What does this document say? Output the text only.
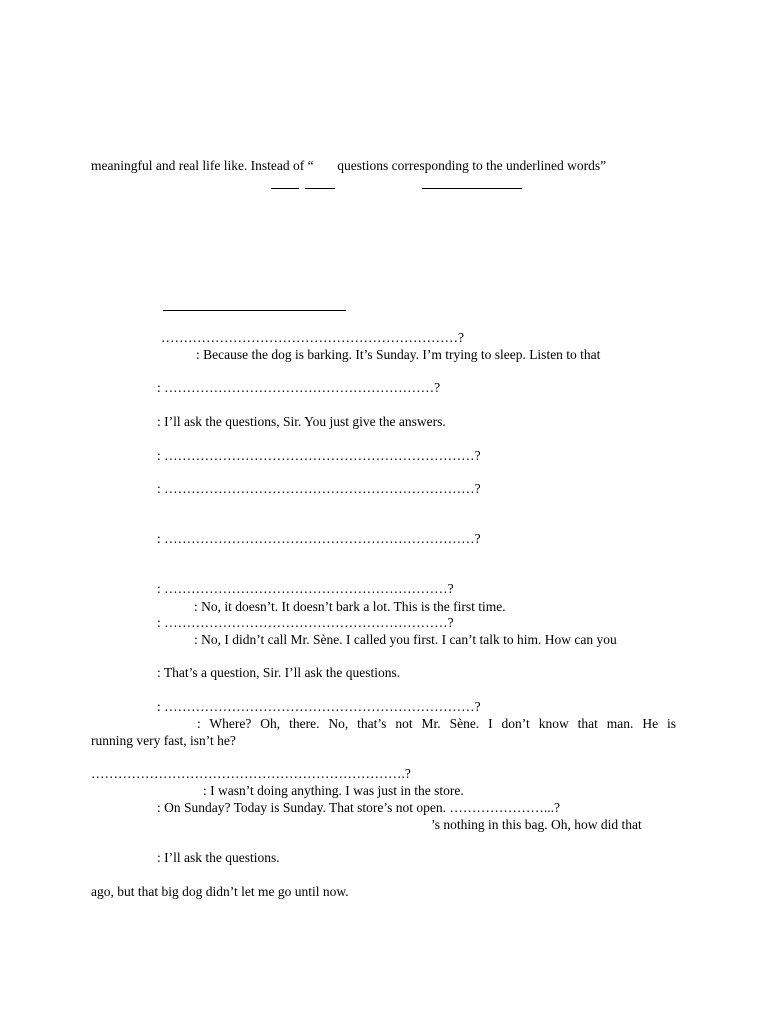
meaningful and real life like. Instead of “       questions corresponding to the underlined words”
…………………………………………………………?
: Because the dog is barking. It’s Sunday. I’m trying to sleep. Listen to that
: ……………………………………………………?
: I’ll ask the questions, Sir. You just give the answers.
: ……………………………………………………………?
: ……………………………………………………………?
: ……………………………………………………………?
: ………………………………………………………?
: No, it doesn’t. It doesn’t bark a lot. This is the first time.
: ………………………………………………………?
: No, I didn’t call Mr. Sène. I called you first. I can’t talk to him. How can you
: That’s a question, Sir. I’ll ask the questions.
: ……………………………………………………………?
: Where? Oh, there. No, that’s not Mr. Sène. I don’t know that man. He is
running very fast, isn’t he?
…………………………………………………………….?
: I wasn’t doing anything. I was just in the store.
: On Sunday? Today is Sunday. That store’s not open. …………………...?
’s nothing in this bag. Oh, how did that
: I’ll ask the questions.
ago, but that big dog didn’t let me go until now.
